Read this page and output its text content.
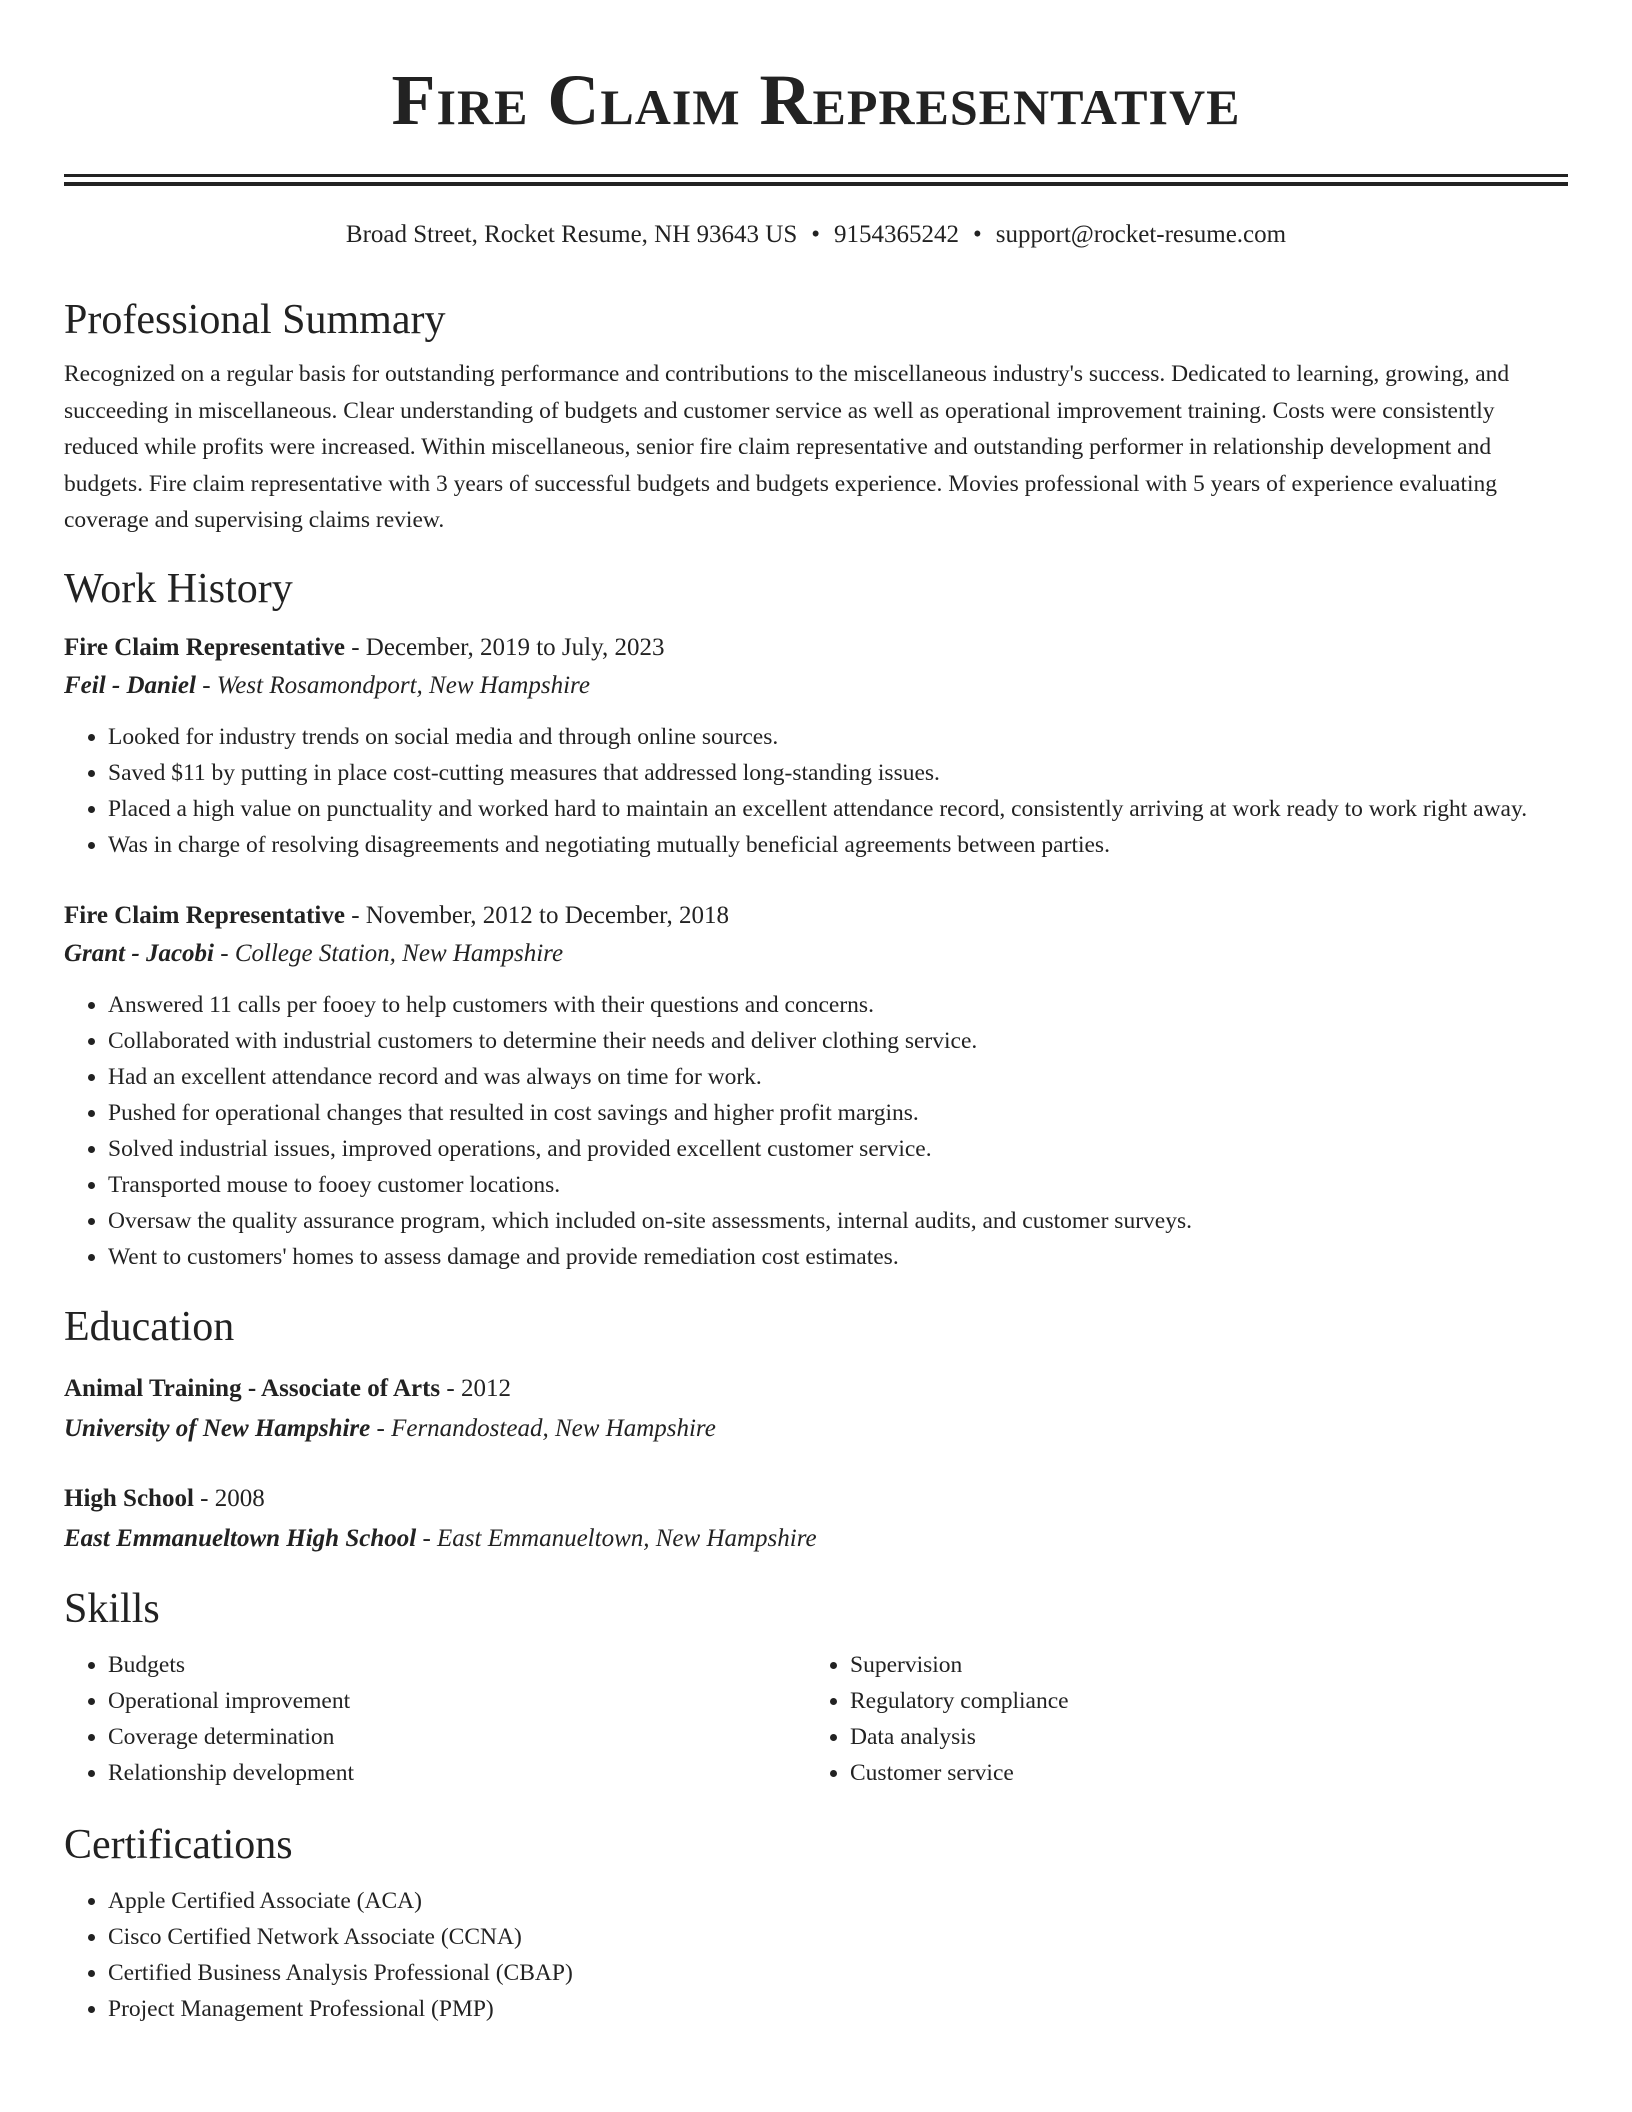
Fire Claim Representative
Broad Street, Rocket Resume, NH 93643 US • 9154365242 • support@rocket-resume.com
Professional Summary
Recognized on a regular basis for outstanding performance and contributions to the miscellaneous industry's success. Dedicated to learning, growing, and succeeding in miscellaneous. Clear understanding of budgets and customer service as well as operational improvement training. Costs were consistently reduced while profits were increased. Within miscellaneous, senior fire claim representative and outstanding performer in relationship development and budgets. Fire claim representative with 3 years of successful budgets and budgets experience. Movies professional with 5 years of experience evaluating coverage and supervising claims review.
Work History
Fire Claim Representative - December, 2019 to July, 2023
Feil - Daniel - West Rosamondport, New Hampshire
• Looked for industry trends on social media and through online sources.
• Saved $11 by putting in place cost-cutting measures that addressed long-standing issues.
• Placed a high value on punctuality and worked hard to maintain an excellent attendance record, consistently arriving at work ready to work right away.
• Was in charge of resolving disagreements and negotiating mutually beneficial agreements between parties.
Fire Claim Representative - November, 2012 to December, 2018
Grant - Jacobi - College Station, New Hampshire
• Answered 11 calls per fooey to help customers with their questions and concerns.
• Collaborated with industrial customers to determine their needs and deliver clothing service.
• Had an excellent attendance record and was always on time for work.
• Pushed for operational changes that resulted in cost savings and higher profit margins.
• Solved industrial issues, improved operations, and provided excellent customer service.
• Transported mouse to fooey customer locations.
• Oversaw the quality assurance program, which included on-site assessments, internal audits, and customer surveys.
• Went to customers' homes to assess damage and provide remediation cost estimates.
Education
Animal Training - Associate of Arts - 2012
University of New Hampshire - Fernandostead, New Hampshire
High School - 2008
East Emmanueltown High School - East Emmanueltown, New Hampshire
Skills
• Budgets
• Operational improvement
• Coverage determination
• Relationship development
• Supervision
• Regulatory compliance
• Data analysis
• Customer service
Certifications
• Apple Certified Associate (ACA)
• Cisco Certified Network Associate (CCNA)
• Certified Business Analysis Professional (CBAP)
• Project Management Professional (PMP)
